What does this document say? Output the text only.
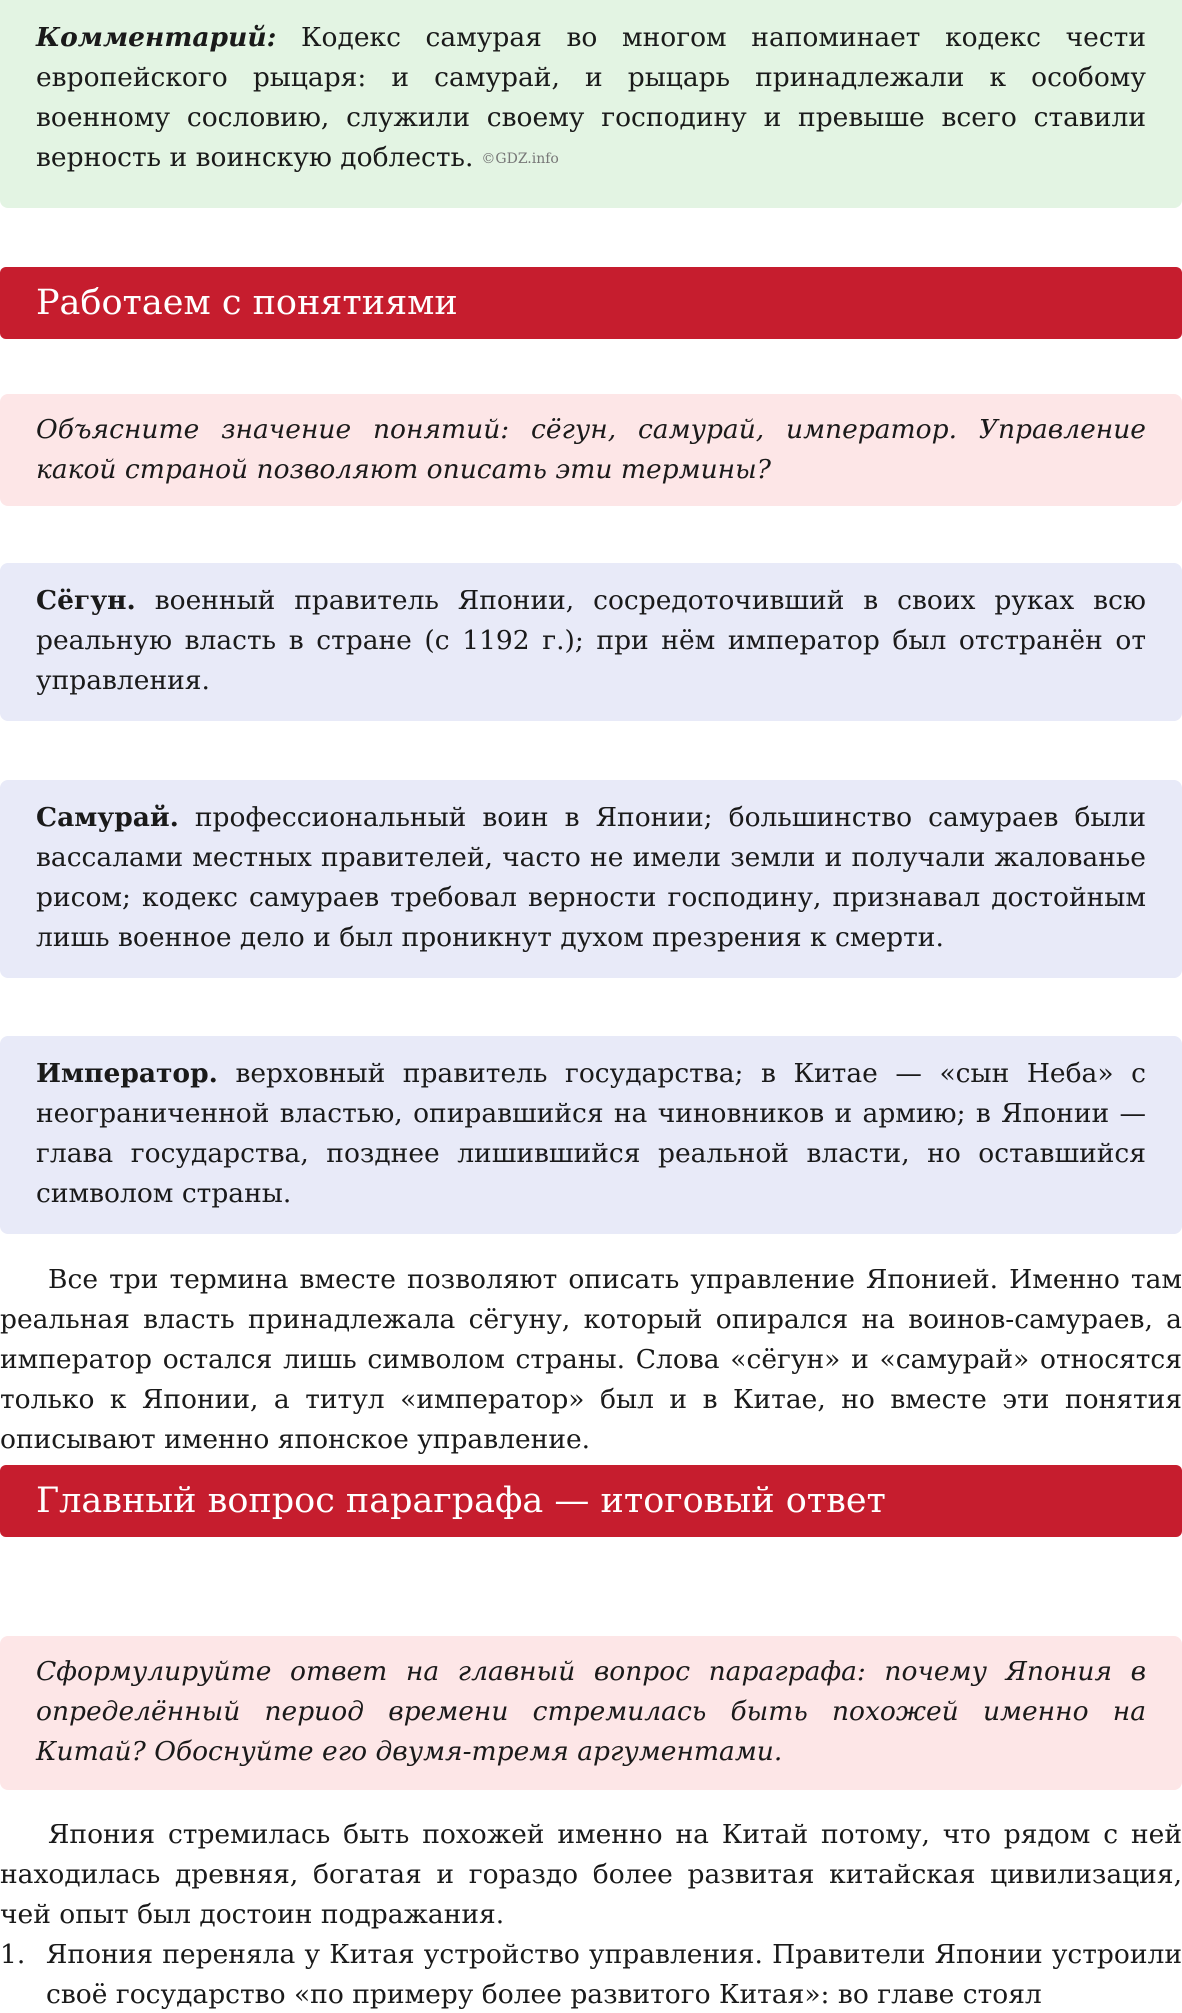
Комментарий: Кодекс самурая во многом напоминает кодекс чести европейского рыцаря: и самурай, и рыцарь принадлежали к особому военному сословию, служили своему господину и превыше всего ставили верность и воинскую доблесть. ©GDZ.info

Работаем с понятиями

Объясните значение понятий: сёгун, самурай, император. Управление какой страной позволяют описать эти термины?

Сёгун. военный правитель Японии, сосредоточивший в своих руках всю реальную власть в стране (с 1192 г.); при нём император был отстранён от управления.

Самурай. профессиональный воин в Японии; большинство самураев были вассалами местных правителей, часто не имели земли и получали жалованье рисом; кодекс самураев требовал верности господину, признавал достойным лишь военное дело и был проникнут духом презрения к смерти.

Император. верховный правитель государства; в Китае — «сын Неба» с неограниченной властью, опиравшийся на чиновников и армию; в Японии — глава государства, позднее лишившийся реальной власти, но оставшийся символом страны.

Все три термина вместе позволяют описать управление Японией. Именно там реальная власть принадлежала сёгуну, который опирался на воинов-самураев, а император остался лишь символом страны. Слова «сёгун» и «самурай» относятся только к Японии, а титул «император» был и в Китае, но вместе эти понятия описывают именно японское управление.

Главный вопрос параграфа — итоговый ответ

Сформулируйте ответ на главный вопрос параграфа: почему Япония в определённый период времени стремилась быть похожей именно на Китай? Обоснуйте его двумя-тремя аргументами.

Япония стремилась быть похожей именно на Китай потому, что рядом с ней находилась древняя, богатая и гораздо более развитая китайская цивилизация, чей опыт был достоин подражания.

1. Япония переняла у Китая устройство управления. Правители Японии устроили своё государство «по примеру более развитого Китая»: во главе стоял
